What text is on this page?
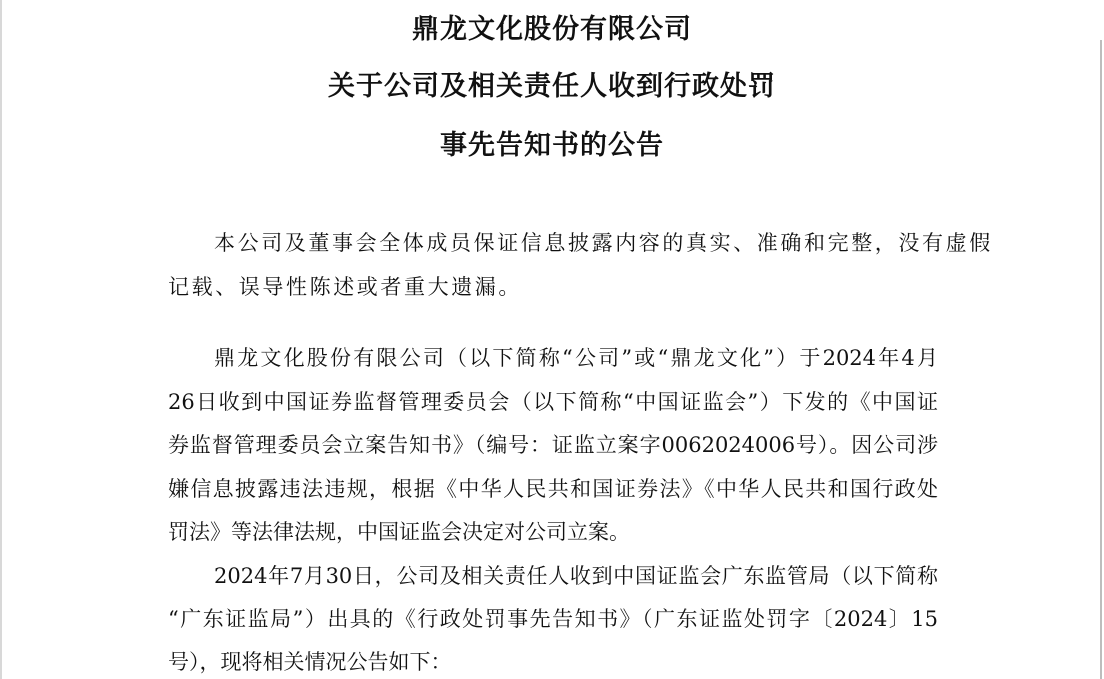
鼎龙文化股份有限公司
关于公司及相关责任人收到行政处罚
事先告知书的公告
本公司及董事会全体成员保证信息披露内容的真实、准确和完整，没有虚假
记载、误导性陈述或者重大遗漏。
鼎龙文化股份有限公司（以下简称“公司”或“鼎龙文化”）于2024年4月
26日收到中国证券监督管理委员会（以下简称“中国证监会”）下发的《中国证
券监督管理委员会立案告知书》（编号：证监立案字0062024006号）。因公司涉
嫌信息披露违法违规，根据《中华人民共和国证券法》《中华人民共和国行政处
罚法》等法律法规，中国证监会决定对公司立案。
2024年7月30日，公司及相关责任人收到中国证监会广东监管局（以下简称
“广东证监局”）出具的《行政处罚事先告知书》（广东证监处罚字〔2024〕15
号），现将相关情况公告如下：
